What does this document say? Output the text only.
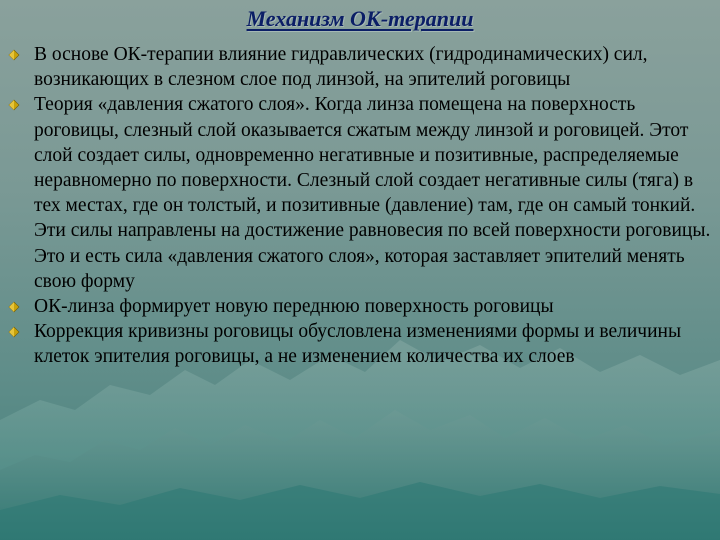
Механизм ОК-терапии
В основе ОК-терапии влияние гидравлических (гидродинамических) сил, возникающих в слезном слое под линзой, на эпителий роговицы
Теория «давления сжатого слоя». Когда линза помещена на поверхность роговицы, слезный слой оказывается сжатым между линзой и роговицей. Этот слой создает силы, одновременно негативные и позитивные, распределяемые неравномерно по поверхности. Слезный слой создает негативные силы (тяга) в тех местах, где он толстый, и позитивные (давление) там, где он самый тонкий. Эти силы направлены на достижение равновесия по всей поверхности роговицы. Это и есть сила «давления сжатого слоя», которая заставляет эпителий менять свою форму
ОК-линза формирует новую переднюю поверхность роговицы
Коррекция кривизны роговицы обусловлена изменениями формы и величины клеток эпителия роговицы, а не изменением количества их слоев
